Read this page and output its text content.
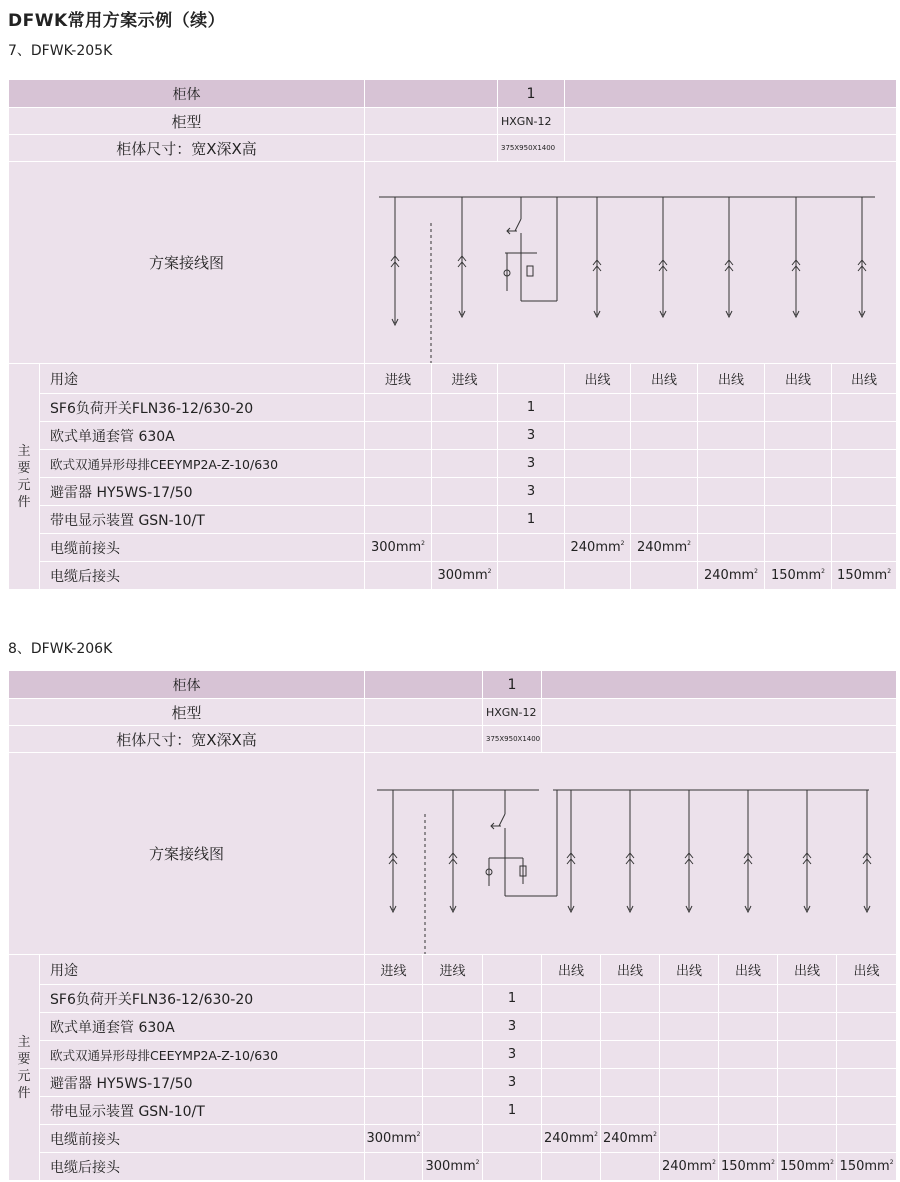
DFWK常用方案示例（续）
7、DFWK-205K
柜体				1					
柜型				HXGN-12					
柜体尺寸：宽X深X高				375X950X1400					
方案接线图	

主要元件	用途	进线	进线		出线	出线	出线	出线	出线
	SF6负荷开关FLN36-12/630-20			1					
	欧式单通套管 630A			3					
	欧式双通异形母排CEEYMP2A-Z-10/630			3					
	避雷器 HY5WS-17/50			3					
	带电显示装置 GSN-10/T			1					
	电缆前接头	$300mm^2$			$240mm^2$	$240mm^2$			
	电缆后接头		$300mm^2$				$240mm^2$	$150mm^2$	$150mm^2$
8、DFWK-206K
柜体				1						
柜型				HXGN-12						
柜体尺寸：宽X深X高				375X950X1400						
方案接线图	

主要元件	用途	进线	进线		出线	出线	出线	出线	出线	出线
	SF6负荷开关FLN36-12/630-20			1						
	欧式单通套管 630A			3						
	欧式双通异形母排CEEYMP2A-Z-10/630			3						
	避雷器 HY5WS-17/50			3						
	带电显示装置 GSN-10/T			1						
	电缆前接头	$300mm^2$			$240mm^2$	$240mm^2$				
	电缆后接头		$300mm^2$				$240mm^2$	$150mm^2$	$150mm^2$	$150mm^2$
